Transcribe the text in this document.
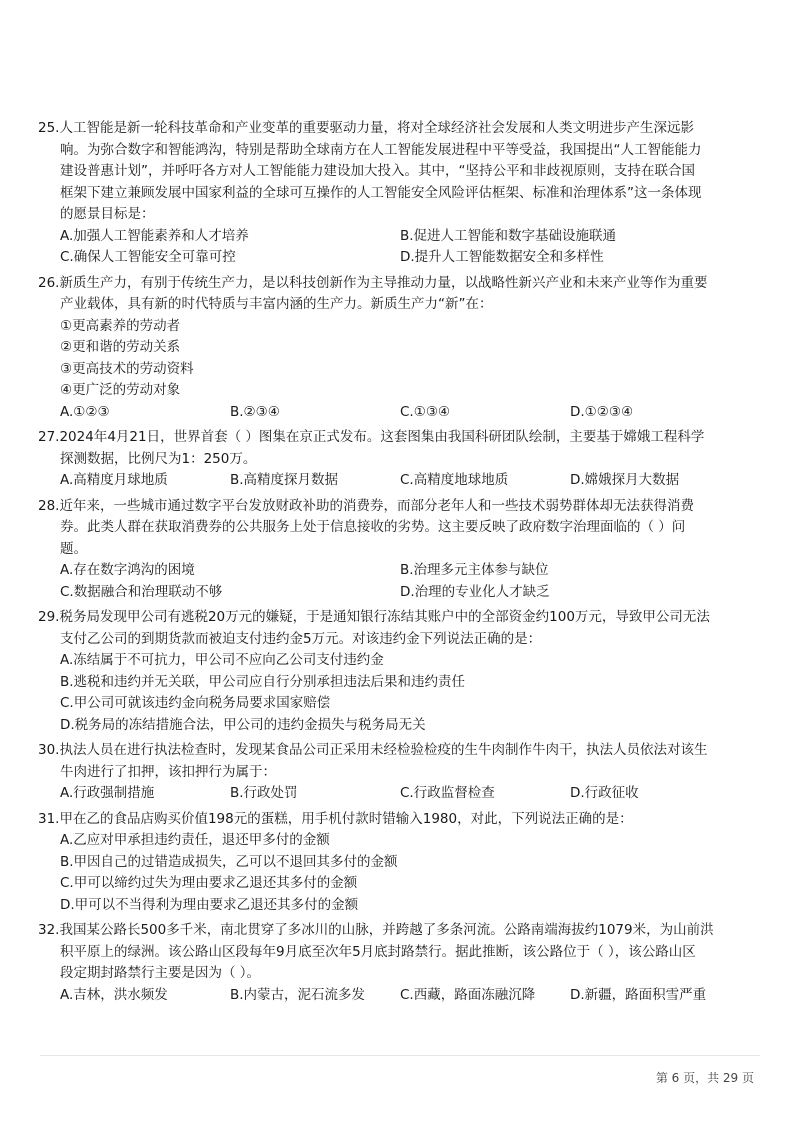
25.人工智能是新一轮科技革命和产业变革的重要驱动力量，将对全球经济社会发展和人类文明进步产生深远影
响。为弥合数字和智能鸿沟，特别是帮助全球南方在人工智能发展进程中平等受益，我国提出“人工智能能力
建设普惠计划”，并呼吁各方对人工智能能力建设加大投入。其中，“坚持公平和非歧视原则，支持在联合国
框架下建立兼顾发展中国家利益的全球可互操作的人工智能安全风险评估框架、标准和治理体系”这一条体现
的愿景目标是：
A.加强人工智能素养和人才培养	B.促进人工智能和数字基础设施联通
C.确保人工智能安全可靠可控	D.提升人工智能数据安全和多样性
26.新质生产力，有别于传统生产力，是以科技创新作为主导推动力量，以战略性新兴产业和未来产业等作为重要
产业载体，具有新的时代特质与丰富内涵的生产力。新质生产力“新”在：
①更高素养的劳动者
②更和谐的劳动关系
③更高技术的劳动资料
④更广泛的劳动对象
A.①②③	B.②③④	C.①③④	D.①②③④
27.2024年4月21日，世界首套（ ）图集在京正式发布。这套图集由我国科研团队绘制，主要基于嫦娥工程科学
探测数据，比例尺为1：250万。
A.高精度月球地质	B.高精度探月数据	C.高精度地球地质	D.嫦娥探月大数据
28.近年来，一些城市通过数字平台发放财政补助的消费券，而部分老年人和一些技术弱势群体却无法获得消费
券。此类人群在获取消费券的公共服务上处于信息接收的劣势。这主要反映了政府数字治理面临的（ ）问
题。
A.存在数字鸿沟的困境	B.治理多元主体参与缺位
C.数据融合和治理联动不够	D.治理的专业化人才缺乏
29.税务局发现甲公司有逃税20万元的嫌疑，于是通知银行冻结其账户中的全部资金约100万元，导致甲公司无法
支付乙公司的到期货款而被迫支付违约金5万元。对该违约金下列说法正确的是：
A.冻结属于不可抗力，甲公司不应向乙公司支付违约金
B.逃税和违约并无关联，甲公司应自行分别承担违法后果和违约责任
C.甲公司可就该违约金向税务局要求国家赔偿
D.税务局的冻结措施合法，甲公司的违约金损失与税务局无关
30.执法人员在进行执法检查时，发现某食品公司正采用未经检验检疫的生牛肉制作牛肉干，执法人员依法对该生
牛肉进行了扣押，该扣押行为属于：
A.行政强制措施	B.行政处罚	C.行政监督检查	D.行政征收
31.甲在乙的食品店购买价值198元的蛋糕，用手机付款时错输入1980，对此，下列说法正确的是：
A.乙应对甲承担违约责任，退还甲多付的金额
B.甲因自己的过错造成损失，乙可以不退回其多付的金额
C.甲可以缔约过失为理由要求乙退还其多付的金额
D.甲可以不当得利为理由要求乙退还其多付的金额
32.我国某公路长500多千米，南北贯穿了多冰川的山脉，并跨越了多条河流。公路南端海拔约1079米，为山前洪
积平原上的绿洲。该公路山区段每年9月底至次年5月底封路禁行。据此推断，该公路位于（ ），该公路山区
段定期封路禁行主要是因为（ ）。
A.吉林，洪水频发	B.内蒙古，泥石流多发	C.西藏，路面冻融沉降	D.新疆，路面积雪严重
第 6 页，共 29 页
